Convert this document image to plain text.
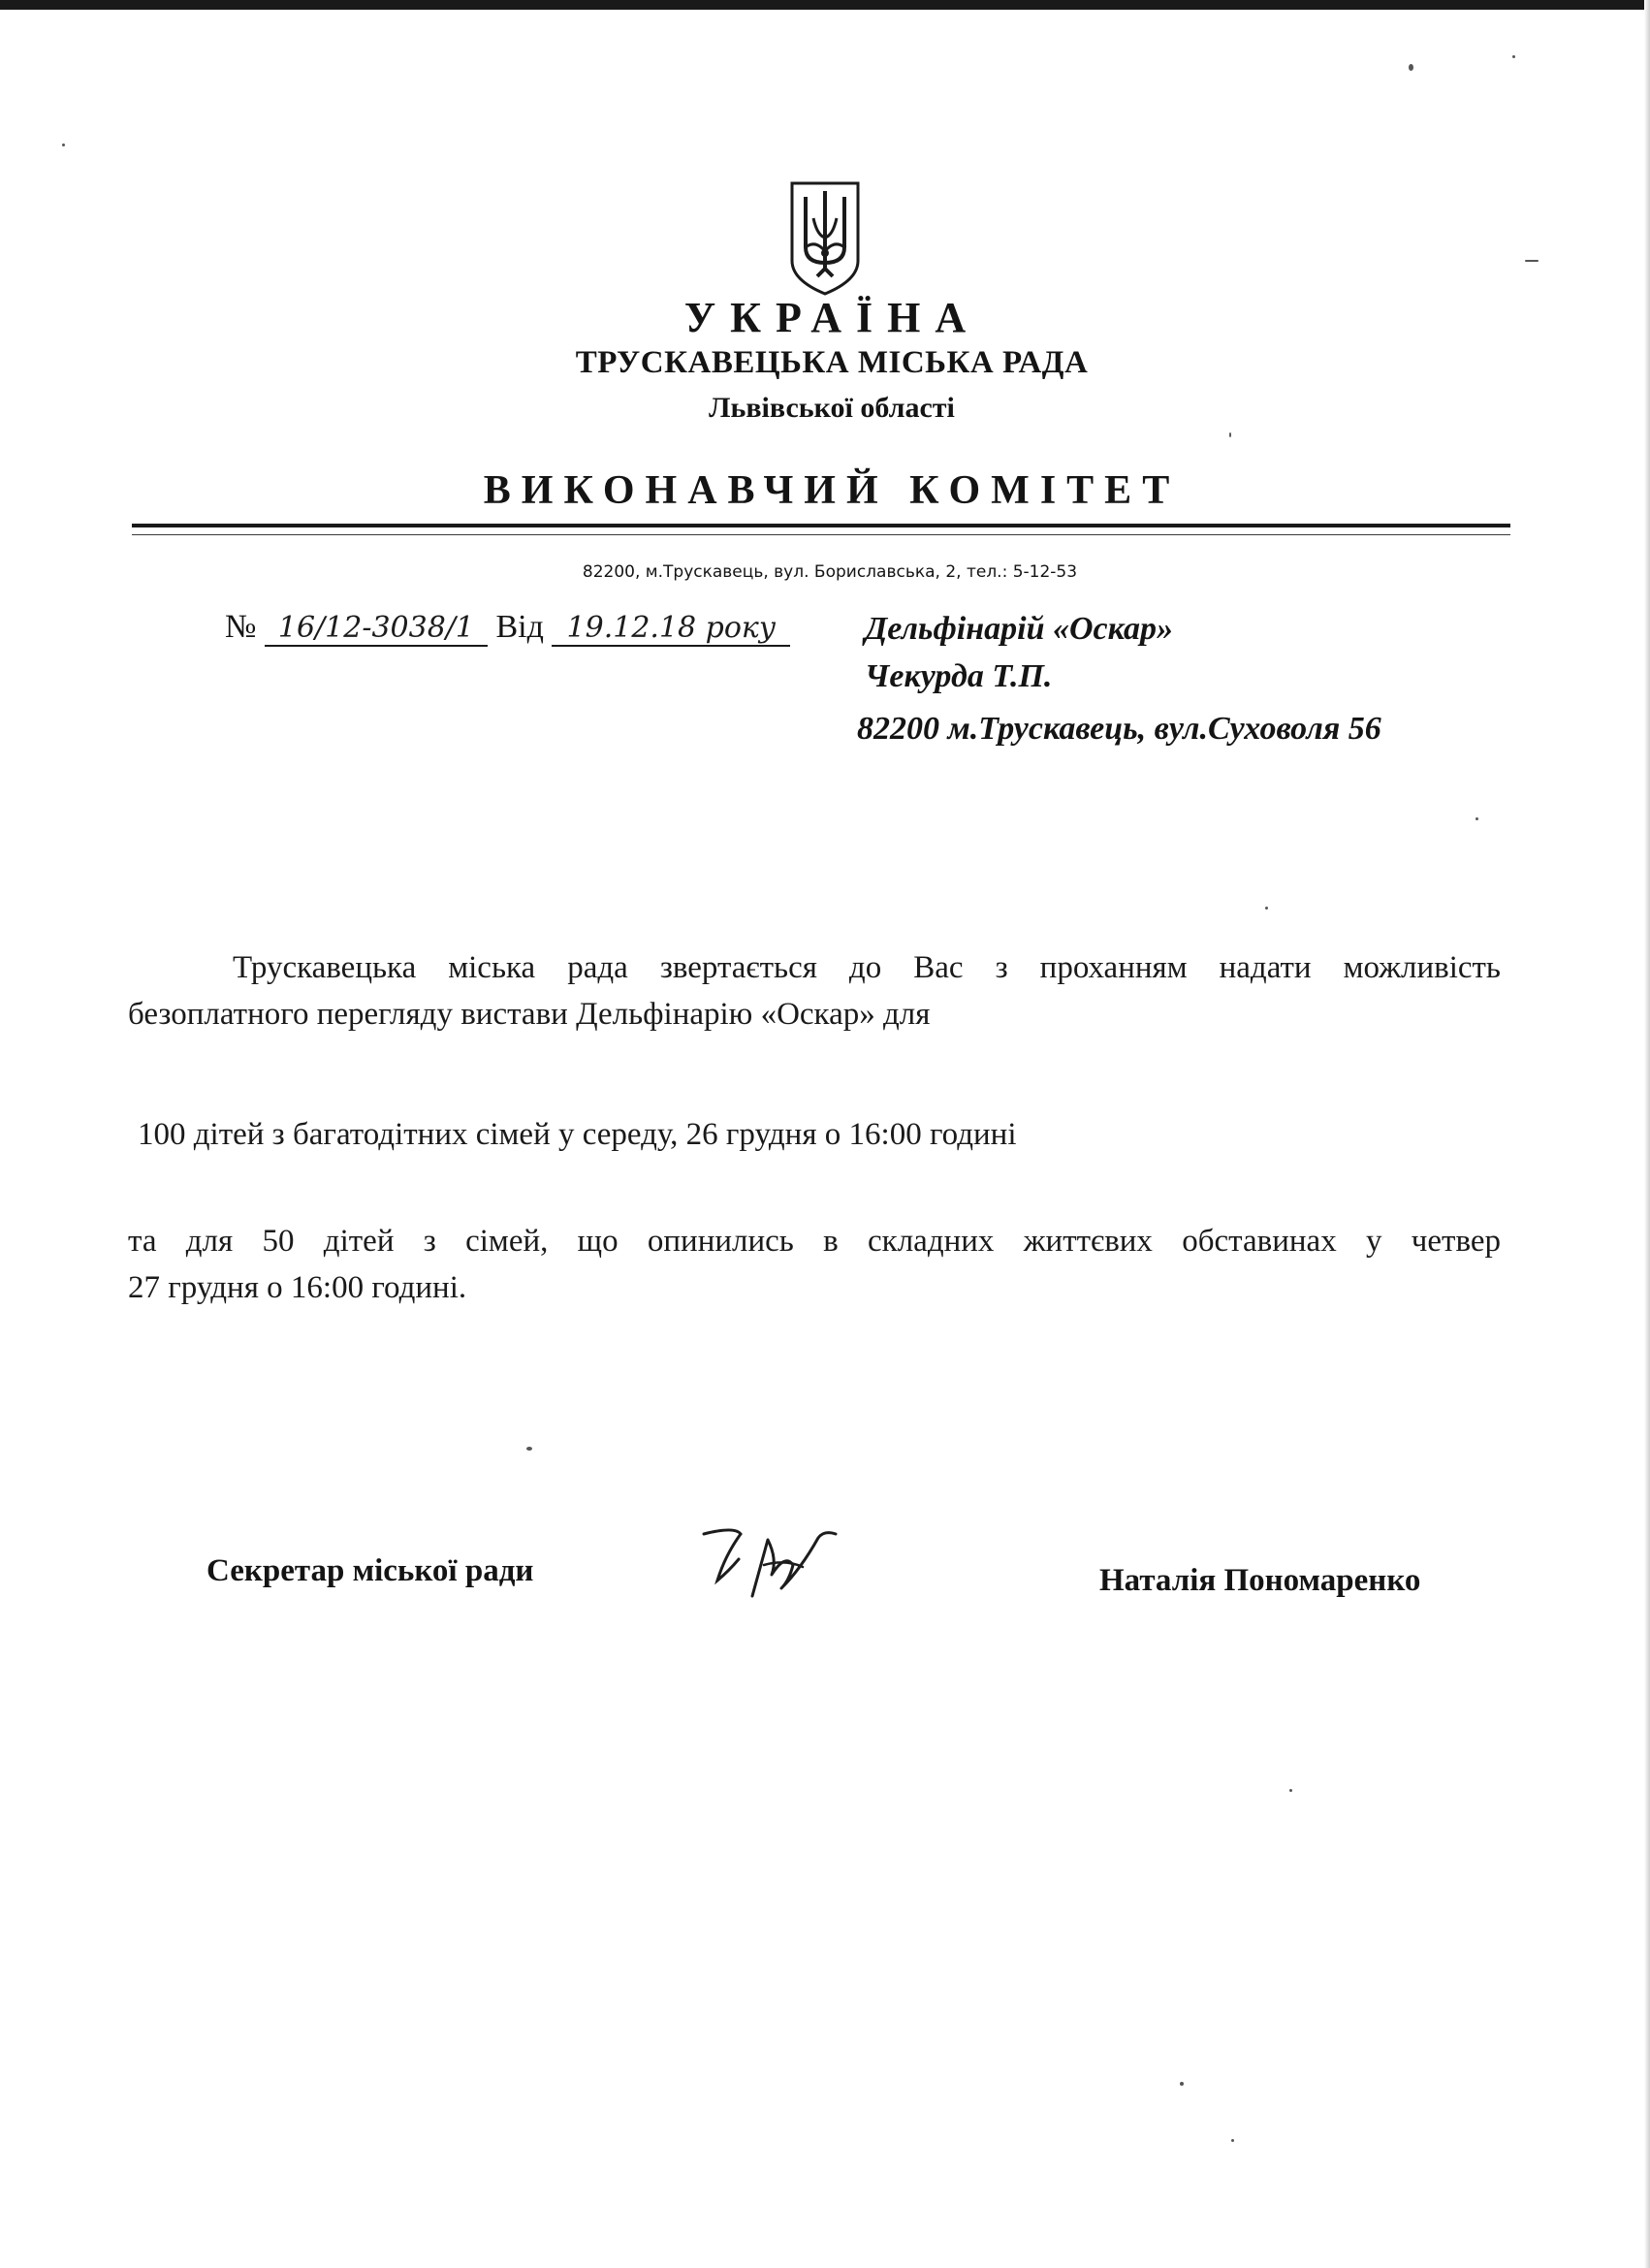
УКРАЇНА
ТРУСКАВЕЦЬКА МІСЬКА РАДА
Львівської області
ВИКОНАВЧИЙ КОМІТЕТ
82200, м.Трускавець, вул. Бориславська, 2, тел.: 5-12-53
№ 16/12-3038/1 Від 19.12.18 року	Дельфінарій «Оскар»
Чекурда Т.П.
82200 м.Трускавець, вул.Суховоля 56
Трускавецька міська рада звертається до Вас з проханням надати можливість
безоплатного перегляду вистави Дельфінарію «Оскар» для
100 дітей з багатодітних сімей у середу, 26 грудня о 16:00 годині
та для 50 дітей з сімей, що опинились в складних життєвих обставинах у четвер
27 грудня о 16:00 годині.
Секретар міської ради	Наталія Пономаренко
